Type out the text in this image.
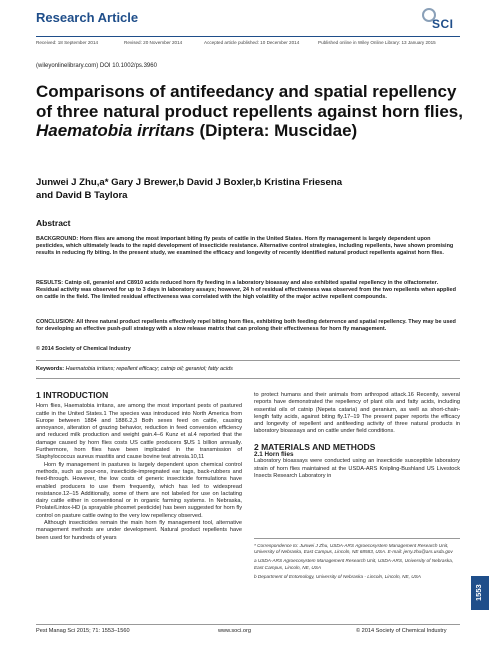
Research Article	SCI
Received: 18 September 2014	Revised: 20 November 2014	Accepted article published: 10 December 2014	Published online in Wiley Online Library: 13 January 2015
(wileyonlinelibrary.com) DOI 10.1002/ps.3960
Comparisons of antifeedancy and spatial repellency of three natural product repellents against horn flies, Haematobia irritans (Diptera: Muscidae)
Junwei J Zhu,a* Gary J Brewer,b David J Boxler,b Kristina Friesena
and David B Taylora
Abstract
BACKGROUND: Horn flies are among the most important biting fly pests of cattle in the United States. Horn fly management is largely dependent upon pesticides, which ultimately leads to the rapid development of insecticide resistance. Alternative control strategies, including repellents, have shown promising results in reducing fly biting. In the present study, we examined the efficacy and longevity of recently identified natural product repellents against horn flies.
RESULTS: Catnip oil, geraniol and C8910 acids reduced horn fly feeding in a laboratory bioassay and also exhibited spatial repellency in the olfactometer. Residual activity was observed for up to 3 days in laboratory assays; however, 24 h of residual effectiveness was observed from the two repellents when applied on cattle in the field. The limited residual effectiveness was correlated with the high volatility of the major active repellent compounds.
CONCLUSION: All three natural product repellents effectively repel biting horn flies, exhibiting both feeding deterrence and spatial repellency. They may be used for developing an effective push-pull strategy with a slow release matrix that can prolong their effectiveness for horn fly management.
© 2014 Society of Chemical Industry
Keywords: Haematobia irritans; repellent efficacy; catnip oil; geraniol; fatty acids
1 INTRODUCTION
Horn flies, Haematobia irritans, are among the most important pests of pastured cattle in the United States.1 The species was introduced into North America from Europe between 1884 and 1886.2,3 Both sexes feed on cattle, causing annoyance, alteration of grazing behavior, reduction in feed conversion efficiency and reduced milk production and weight gain.4–6 Kunz et al.4 reported that the damage caused by horn flies costs US cattle producers $US 1 billion annually. Furthermore, horn flies have been implicated in the transmission of Staphylococcus aureus mastitis and cause bovine teat atresia.10,11
Horn fly management in pastures is largely dependent upon chemical control methods, such as pour-ons, insecticide-impregnated ear tags, back-rubbers and feed-through. However, the low costs of generic insecticide formulations have enabled producers to use them frequently, which has led to widespread resistance.12–15 Additionally, some of them are not labeled for use on lactating dairy cattle either in conventional or in organic farming systems. In Nebraska, Prolate/Lintox-HD (a sprayable phosmet pesticide) has been suggested for horn fly control on pasture cattle owing to the very low repellency observed.
Although insecticides remain the main horn fly management tool, alternative management methods are under development. Natural product repellents have been used for hundreds of years
to protect humans and their animals from arthropod attack.16 Recently, several reports have demonstrated the repellency of plant oils and fatty acids, including essential oils of catnip (Nepeta cataria) and geranium, as well as short-chain-length fatty acids, against biting fly.17–19 The present paper reports the efficacy and longevity of repellent and antifeeding activity of three natural products in laboratory bioassays and on cattle under field conditions.
2 MATERIALS AND METHODS
2.1 Horn flies
Laboratory bioassays were conducted using an insecticide susceptible laboratory strain of horn flies maintained at the USDA-ARS Knipling-Bushland US Livestock Insects Research Laboratory in
* Correspondence to: Junwei J Zhu, USDA-ARS Agroecosystem Management Research Unit, University of Nebraska, East Campus, Lincoln, NE 68583, USA. E-mail: jerry.zhu@ars.usda.gov
a USDA-ARS Agroecosystem Management Research Unit, USDA-ARS, University of Nebraska, East Campus, Lincoln, NE, USA
b Department of Entomology, University of Nebraska - Lincoln, Lincoln, NE, USA
Pest Manag Sci 2015; 71: 1553–1560	www.soci.org	© 2014 Society of Chemical Industry
1553
